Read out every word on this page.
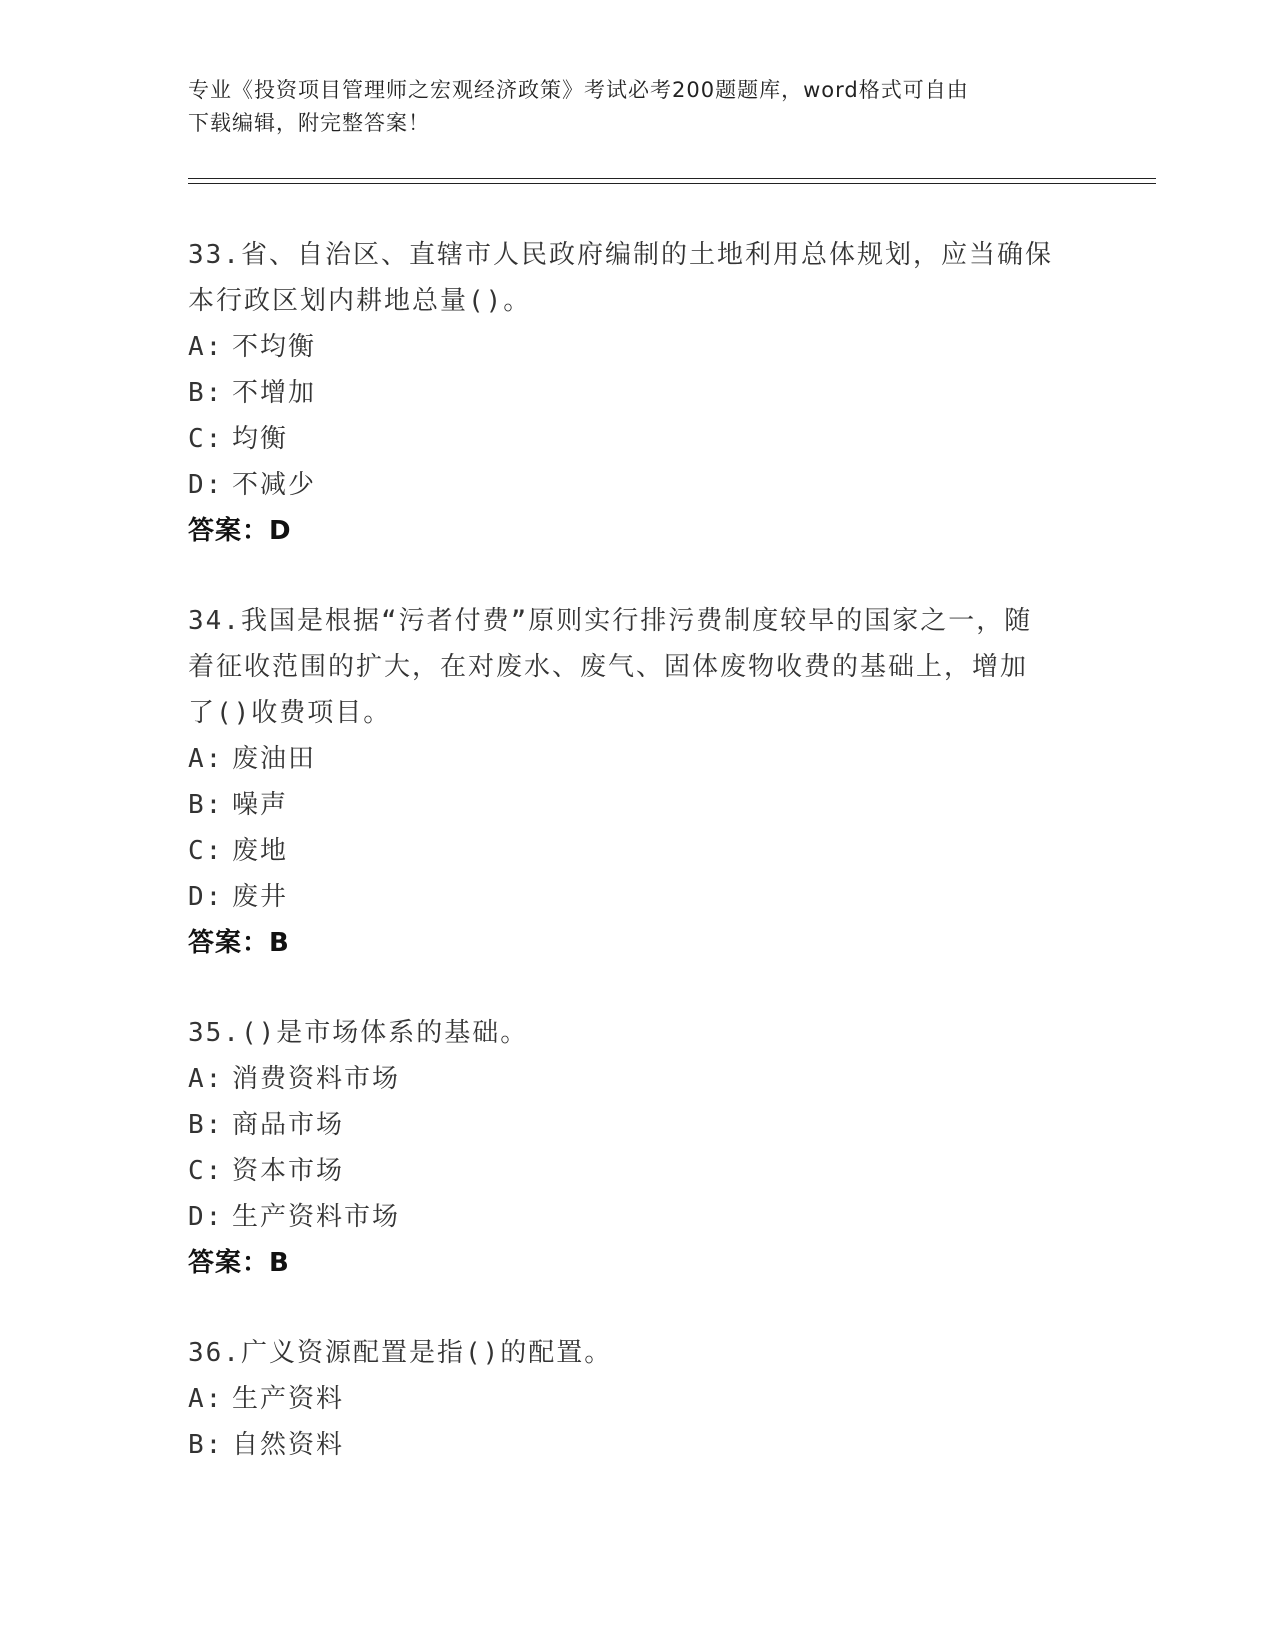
专业《投资项目管理师之宏观经济政策》考试必考200题题库，word格式可自由
下载编辑，附完整答案！
33.省、自治区、直辖市人民政府编制的土地利用总体规划，应当确保
本行政区划内耕地总量()。
A: 不均衡
B: 不增加
C: 均衡
D: 不减少
答案：D
34.我国是根据“污者付费”原则实行排污费制度较早的国家之一，随
着征收范围的扩大，在对废水、废气、固体废物收费的基础上，增加
了()收费项目。
A: 废油田
B: 噪声
C: 废地
D: 废井
答案：B
35.()是市场体系的基础。
A: 消费资料市场
B: 商品市场
C: 资本市场
D: 生产资料市场
答案：B
36.广义资源配置是指()的配置。
A: 生产资料
B: 自然资料
